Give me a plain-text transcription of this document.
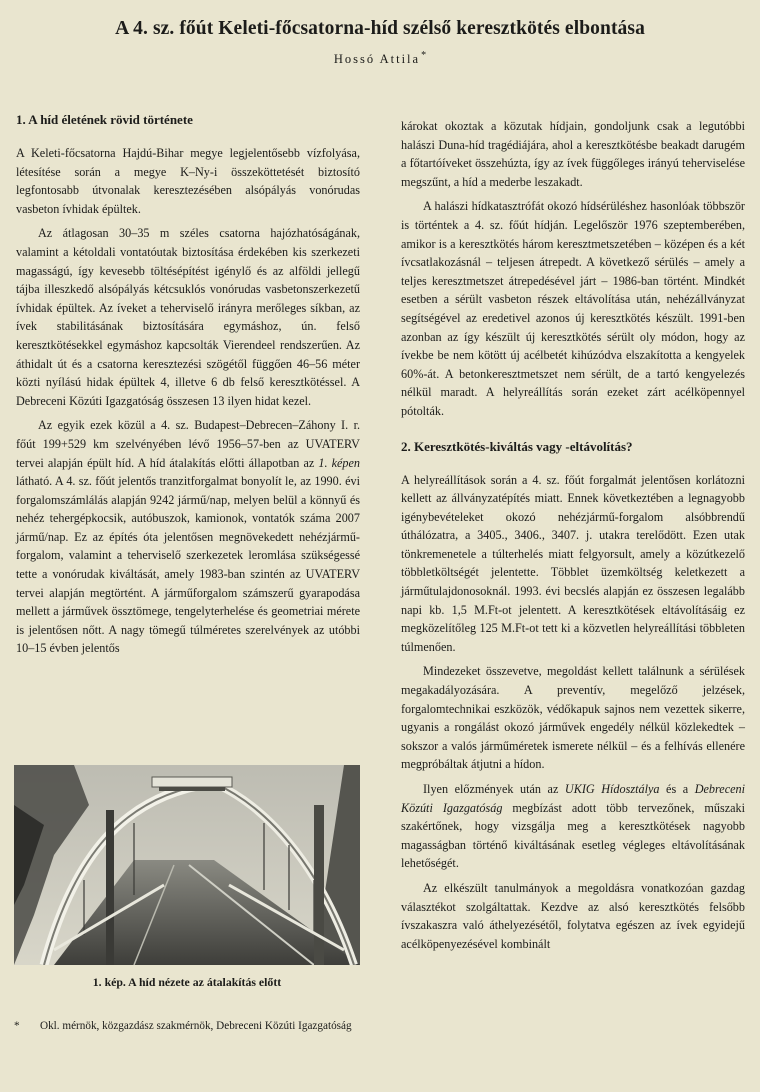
A 4. sz. főút Keleti-főcsatorna-híd szélső keresztkötés elbontása
Hossó Attila*
1. A híd életének rövid története

A Keleti-főcsatorna Hajdú-Bihar megye legjelentősebb vízfolyása, létesítése során a megye K–Ny-i összeköttetését biztosító legfontosabb útvonalak keresztezésében alsópályás vonórudas vasbeton ívhidak épültek.

Az átlagosan 30–35 m széles csatorna hajózhatóságának, valamint a kétoldali vontatóutak biztosítása érdekében kis szerkezeti magasságú, így kevesebb töltésépítést igénylő és az alföldi jellegű tájba illeszkedő alsópályás kétcsuklós vonórudas vasbetonszerkezetű ívhidak épültek. Az íveket a teherviselő irányra merőleges síkban, az ívek stabilitásának biztosítására egymáshoz, ún. felső keresztkötésekkel egymáshoz kapcsolták Vierendeel rendszerűen. Az áthidalt út és a csatorna keresztezési szögétől függően 46–56 méter közti nyílású hidak épültek 4, illetve 6 db felső keresztkötéssel. A Debreceni Közúti Igazgatóság összesen 13 ilyen hidat kezel.

Az egyik ezek közül a 4. sz. Budapest–Debrecen–Záhony I. r. főút 199+529 km szelvényében lévő 1956–57-ben az UVATERV tervei alapján épült híd. A híd átalakítás előtti állapotban az 1. képen látható. A 4. sz. főút jelentős tranzitforgalmat bonyolít le, az 1990. évi forgalomszámlálás alapján 9242 jármű/nap, melyen belül a könnyű és nehéz tehergépkocsik, autóbuszok, kamionok, vontatók száma 2007 jármű/nap. Ez az építés óta jelentősen megnövekedett nehézjármű-forgalom, valamint a teherviselő szerkezetek leromlása szükségessé tette a vonórudak kiváltását, amely 1983-ban szintén az UVATERV tervei alapján megtörtént. A járműforgalom számszerű gyarapodása mellett a járművek össztömege, tengelyterhelése és geometriai mérete is jelentősen nőtt. A nagy tömegű túlméretes szerelvények az utóbbi 10–15 évben jelentős

1. kép. A híd nézete az átalakítás előtt
* Okl. mérnök, közgazdász szakmérnök, Debreceni Közúti Igazgatóság

károkat okoztak a közutak hídjain, gondoljunk csak a legutóbbi halászi Duna-híd tragédiájára, ahol a keresztkötésbe beakadt darugém a főtartóíveket összehúzta, így az ívek függőleges irányú teherviselése megszűnt, a híd a mederbe leszakadt.

A halászi hídkatasztrófát okozó hídsérüléshez hasonlóak többször is történtek a 4. sz. főút hídján. Legelőször 1976 szeptemberében, amikor is a keresztkötés három keresztmetszetében – középen és a két ívcsatlakozásnál – teljesen átrepedt. A következő sérülés – amely a teljes keresztmetszet átrepedésével járt – 1986-ban történt. Mindkét esetben a sérült vasbeton részek eltávolítása után, nehézállványzat segítségével az eredetivel azonos új keresztkötés készült. 1991-ben azonban az így készült új keresztkötés sérült oly módon, hogy az ívekbe be nem kötött új acélbetét kihúzódva elszakította a kengyelek 60%-át. A betonkeresztmetszet nem sérült, de a tartó kengyelezés nélkül maradt. A helyreállítás során ezeket zárt acélköpennyel pótolták.

2. Keresztkötés-kiváltás vagy -eltávolítás?

A helyreállítások során a 4. sz. főút forgalmát jelentősen korlátozni kellett az állványzatépítés miatt. Ennek következtében a legnagyobb igénybevételeket okozó nehézjármű-forgalom alsóbbrendű úthálózatra, a 3405., 3406., 3407. j. utakra terelődött. Ezen utak tönkremenetele a túlterhelés miatt felgyorsult, amely a közútkezelő többletköltségét jelentette. Többlet üzemköltség keletkezett a járműtulajdonosoknál. 1993. évi becslés alapján ez összesen legalább napi kb. 1,5 M.Ft-ot jelentett. A keresztkötések eltávolításáig ez megközelítőleg 125 M.Ft-ot tett ki a közvetlen helyreállítási többleten túlmenően.

Mindezeket összevetve, megoldást kellett találnunk a sérülések megakadályozására. A preventív, megelőző jelzések, forgalomtechnikai eszközök, védőkapuk sajnos nem vezettek sikerre, ugyanis a rongálást okozó járművek engedély nélkül közlekedtek – sokszor a valós járműméretek ismerete nélkül – és a felhívás ellenére megpróbáltak átjutni a hídon.

Ilyen előzmények után az UKIG Hídosztálya és a Debreceni Közúti Igazgatóság megbízást adott több tervezőnek, műszaki szakértőnek, hogy vizsgálja meg a keresztkötések nagyobb magasságban történő kiváltásának esetleg végleges eltávolításának lehetőségét.

Az elkészült tanulmányok a megoldásra vonatkozóan gazdag választékot szolgáltattak. Kezdve az alsó keresztkötés felsőbb ívszakaszra való áthelyezésétől, folytatva egészen az ívek egyidejű acélköpenyezésével kombinált
